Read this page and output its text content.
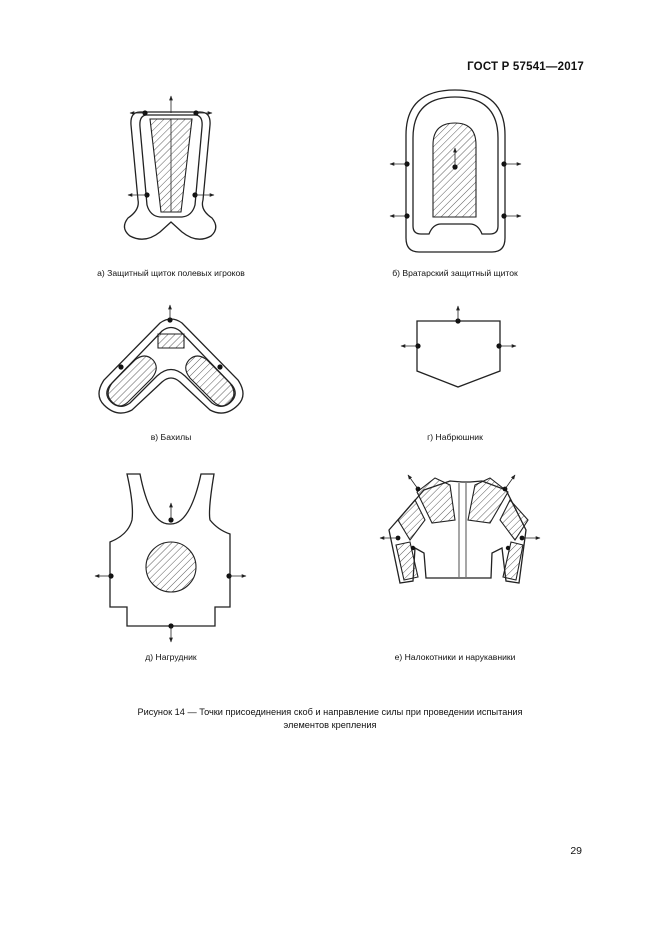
ГОСТ Р 57541—2017
а) Защитный щиток полевых игроков	б) Вратарский защитный щиток
в) Бахилы	г) Набрюшник
д) Нагрудник	е) Налокотники и нарукавники
Рисунок 14 — Точки присоединения скоб и направление силы при проведении испытания
элементов крепления
29
